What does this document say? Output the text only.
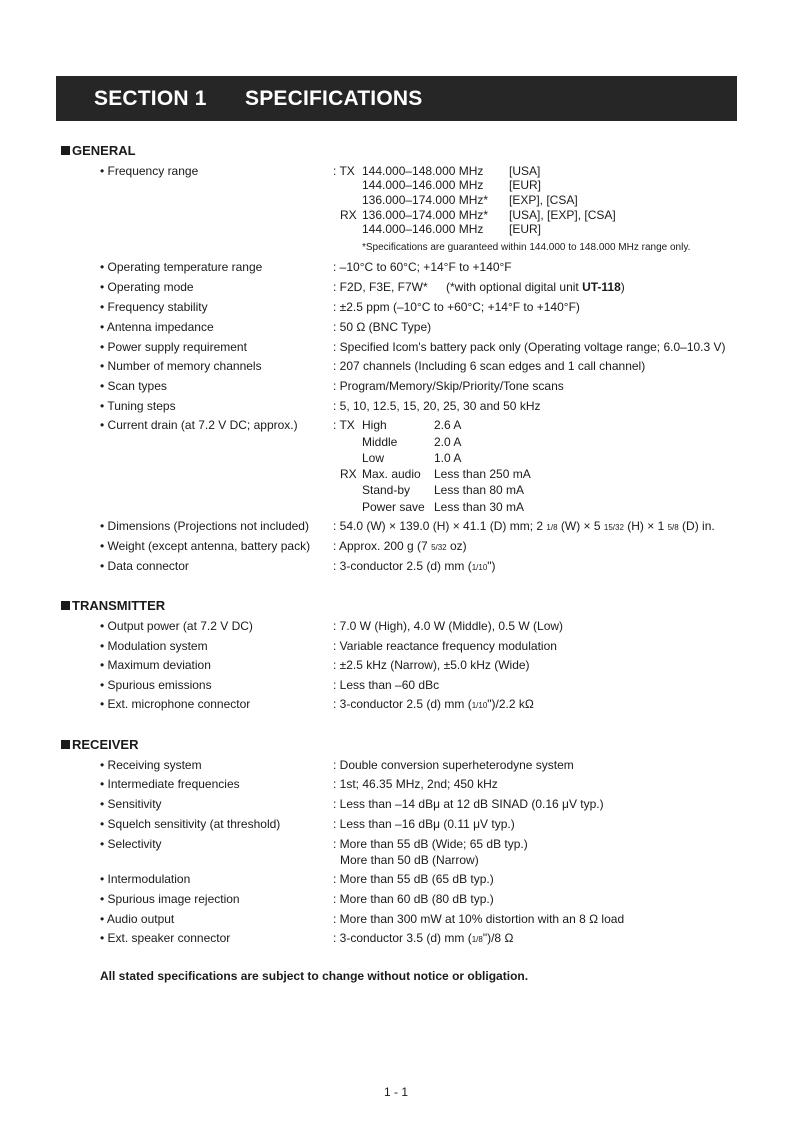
SECTION 1 SPECIFICATIONS
GENERAL
• Frequency range	: TX 144.000–148.000 MHz [USA]
144.000–146.000 MHz [EUR]
136.000–174.000 MHz* [EXP], [CSA]
RX 136.000–174.000 MHz* [USA], [EXP], [CSA]
144.000–146.000 MHz [EUR]
*Specifications are guaranteed within 144.000 to 148.000 MHz range only.
• Operating temperature range	: –10°C to 60°C; +14°F to +140°F
• Operating mode	: F2D, F3E, F7W* (*with optional digital unit UT-118)
• Frequency stability	: ±2.5 ppm (–10°C to +60°C; +14°F to +140°F)
• Antenna impedance	: 50 Ω (BNC Type)
• Power supply requirement	: Specified Icom's battery pack only (Operating voltage range; 6.0–10.3 V)
• Number of memory channels	: 207 channels (Including 6 scan edges and 1 call channel)
• Scan types	: Program/Memory/Skip/Priority/Tone scans
• Tuning steps	: 5, 10, 12.5, 15, 20, 25, 30 and 50 kHz
• Current drain (at 7.2 V DC; approx.)	: TX High	2.6 A
Middle	2.0 A
Low	1.0 A
RX Max. audio Less than 250 mA
Stand-by Less than 80 mA
Power save Less than 30 mA
• Dimensions (Projections not included) : 54.0 (W) × 139.0 (H) × 41.1 (D) mm; 2 1/8 (W) × 5 15/32 (H) × 1 5/8 (D) in.
• Weight (except antenna, battery pack) : Approx. 200 g (7 5/32 oz)
• Data connector	: 3-conductor 2.5 (d) mm (1/10")
TRANSMITTER
• Output power (at 7.2 V DC)	: 7.0 W (High), 4.0 W (Middle), 0.5 W (Low)
• Modulation system	: Variable reactance frequency modulation
• Maximum deviation	: ±2.5 kHz (Narrow), ±5.0 kHz (Wide)
• Spurious emissions	: Less than –60 dBc
• Ext. microphone connector	: 3-conductor 2.5 (d) mm (1/10")/2.2 kΩ
RECEIVER
• Receiving system	: Double conversion superheterodyne system
• Intermediate frequencies	: 1st; 46.35 MHz, 2nd; 450 kHz
• Sensitivity	: Less than –14 dBμ at 12 dB SINAD (0.16 μV typ.)
• Squelch sensitivity (at threshold)	: Less than –16 dBμ (0.11 μV typ.)
• Selectivity	: More than 55 dB (Wide; 65 dB typ.)
More than 50 dB (Narrow)
• Intermodulation	: More than 55 dB (65 dB typ.)
• Spurious image rejection	: More than 60 dB (80 dB typ.)
• Audio output	: More than 300 mW at 10% distortion with an 8 Ω load
• Ext. speaker connector	: 3-conductor 3.5 (d) mm (1/8")/8 Ω
All stated specifications are subject to change without notice or obligation.
1 - 1
